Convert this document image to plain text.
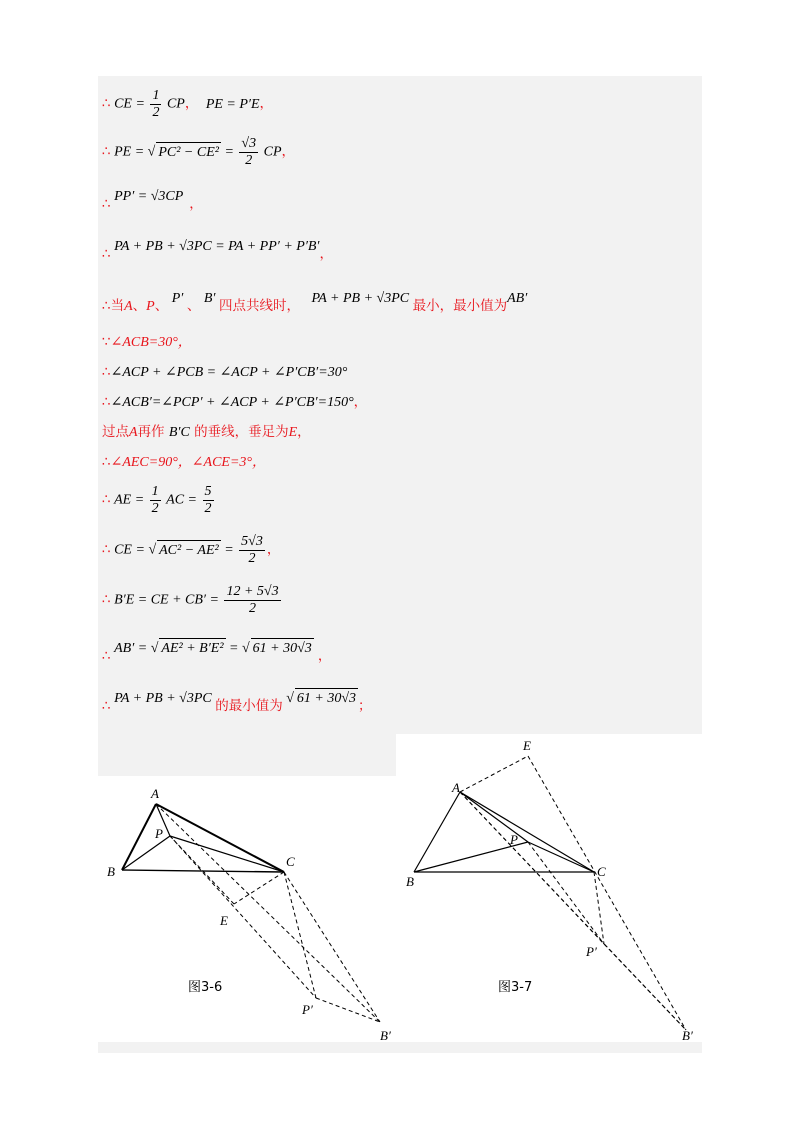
∴ CE = $\frac{1}{2}$ CP， PE = P′E，
∴ PE = √ $PC^2 - CE^2 = \frac{√3}{2}$ CP，
∴ PP′ = √3CP ，
∴ PA + PB + √3PC = PA + PP′ + P′B′，
∴当A、P、 P′ 、 B′ 四点共线时， PA + PB + √3PC 最小，最小值为AB′
∵∠ACB=30°，
∴∠ACP + ∠PCB = ∠ACP + ∠P′CB′=30°
∴∠ACB′=∠PCP′ + ∠ACP + ∠P′CB′=150°，
过点A再作 B′C 的垂线，垂足为E，
∴∠AEC=90°，∠ACE=3°，
∴ AE = $\frac{1}{2}$ AC = $\frac{5}{2}$
∴ CE = √ $AC^2 - AE^2 = \frac{5√3}{2}$ ，
∴ B′E = CE + $CB' = \frac{12 + 5√3}{2}$
∴ AB′ = √ AE² + B′E² = √ 61 + 30√3 ，
∴ PA + PB + √3PC 的最小值为 √ 61 + 30√3 ；
A
B
C
P
E
P′
B′
图3-6
A
B
C
P
E
P′
B′
图3-7
